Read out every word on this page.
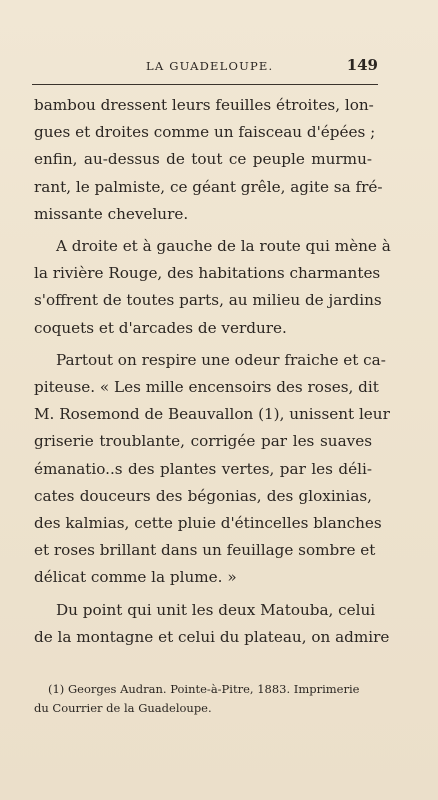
LA GUADELOUPE.	149

bambou dressent leurs feuilles étroites, lon-
gues et droites comme un faisceau d'épées ;
enfin, au-dessus de tout ce peuple murmu-
rant, le palmiste, ce géant grêle, agite sa fré-
missante chevelure.

A droite et à gauche de la route qui mène à
la rivière Rouge, des habitations charmantes
s'offrent de toutes parts, au milieu de jardins
coquets et d'arcades de verdure.

Partout on respire une odeur fraiche et ca-
piteuse. « Les mille encensoirs des roses, dit
M. Rosemond de Beauvallon (1), unissent leur
griserie troublante, corrigée par les suaves
émanatio..s des plantes vertes, par les déli-
cates douceurs des bégonias, des gloxinias,
des kalmias, cette pluie d'étincelles blanches
et roses brillant dans un feuillage sombre et
délicat comme la plume. »

Du point qui unit les deux Matouba, celui
de la montagne et celui du plateau, on admire

(1) Georges Audran. Pointe-à-Pitre, 1883. Imprimerie
du Courrier de la Guadeloupe.
